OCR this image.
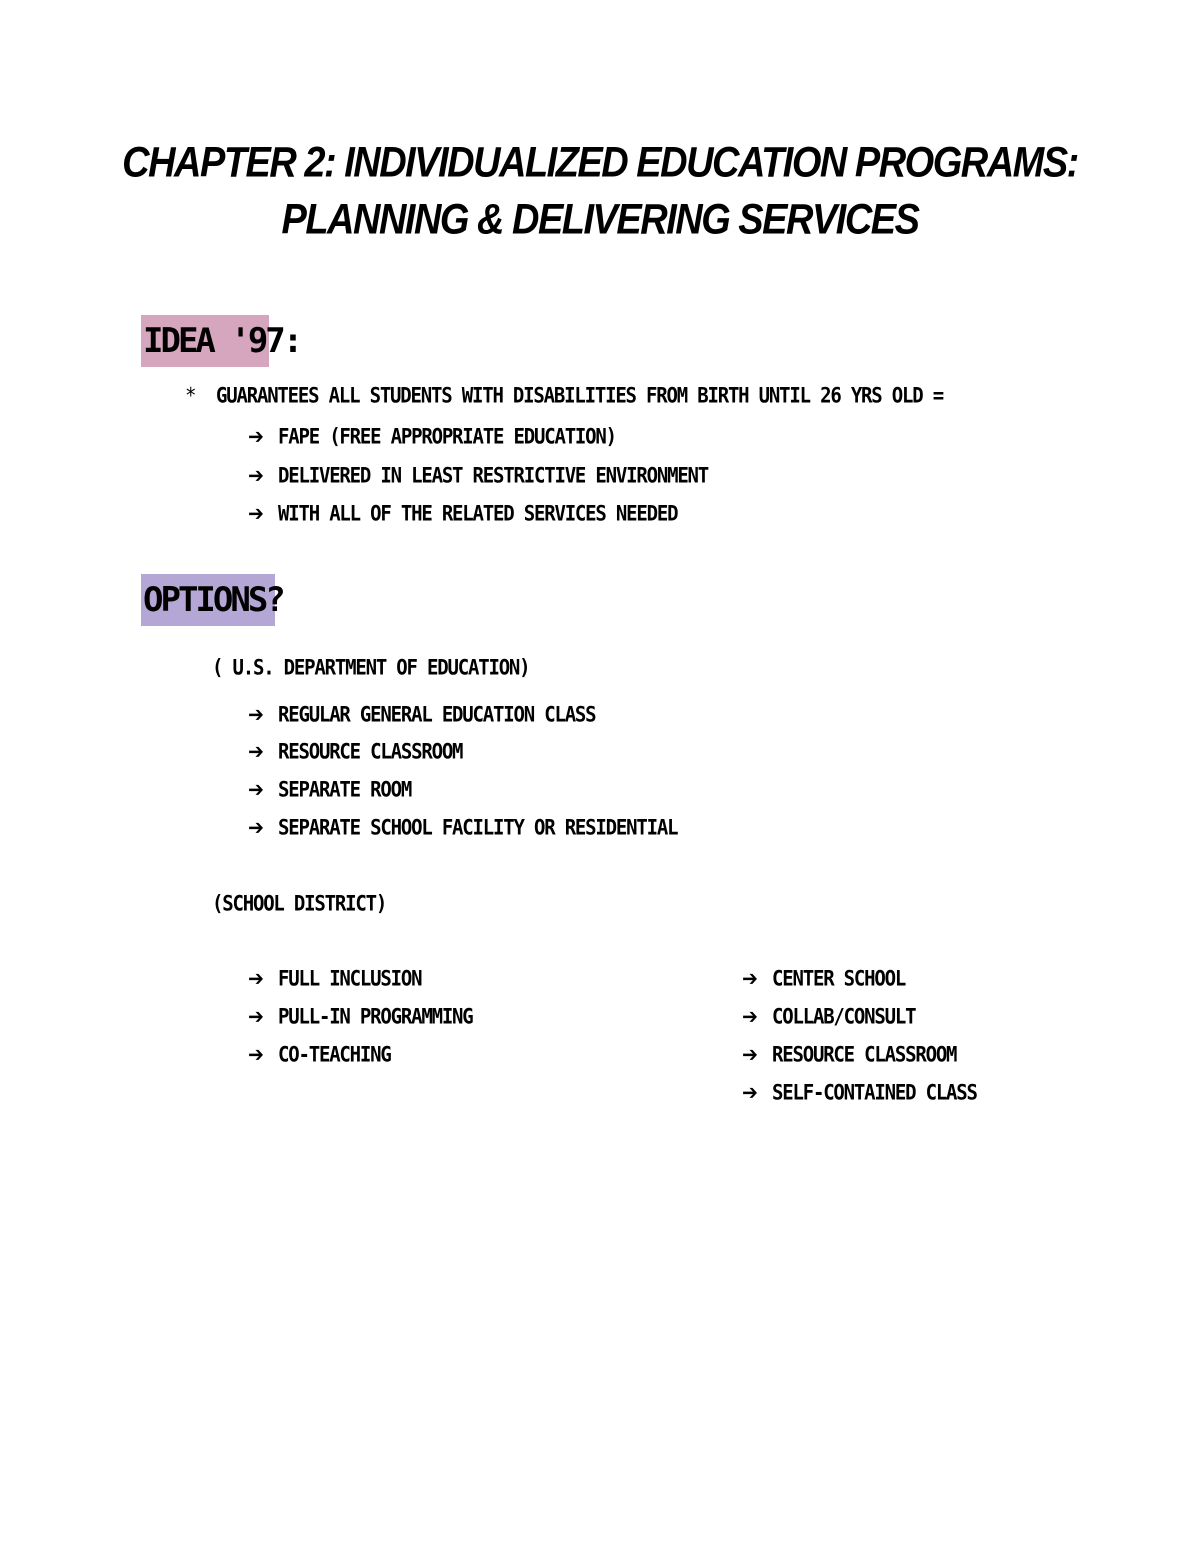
CHAPTER 2: INDIVIDUALIZED EDUCATION PROGRAMS:
PLANNING & DELIVERING SERVICES
IDEA '97:
* GUARANTEES ALL STUDENTS WITH DISABILITIES FROM BIRTH UNTIL 26 YRS OLD =
➔ FAPE (FREE APPROPRIATE EDUCATION)
➔ DELIVERED IN LEAST RESTRICTIVE ENVIRONMENT
➔ WITH ALL OF THE RELATED SERVICES NEEDED
OPTIONS?
( U.S. DEPARTMENT OF EDUCATION)
➔ REGULAR GENERAL EDUCATION CLASS
➔ RESOURCE CLASSROOM
➔ SEPARATE ROOM
➔ SEPARATE SCHOOL FACILITY OR RESIDENTIAL
(SCHOOL DISTRICT)
➔ FULL INCLUSION
➔ PULL-IN PROGRAMMING
➔ CO-TEACHING
➔ CENTER SCHOOL
➔ COLLAB/CONSULT
➔ RESOURCE CLASSROOM
➔ SELF-CONTAINED CLASS
